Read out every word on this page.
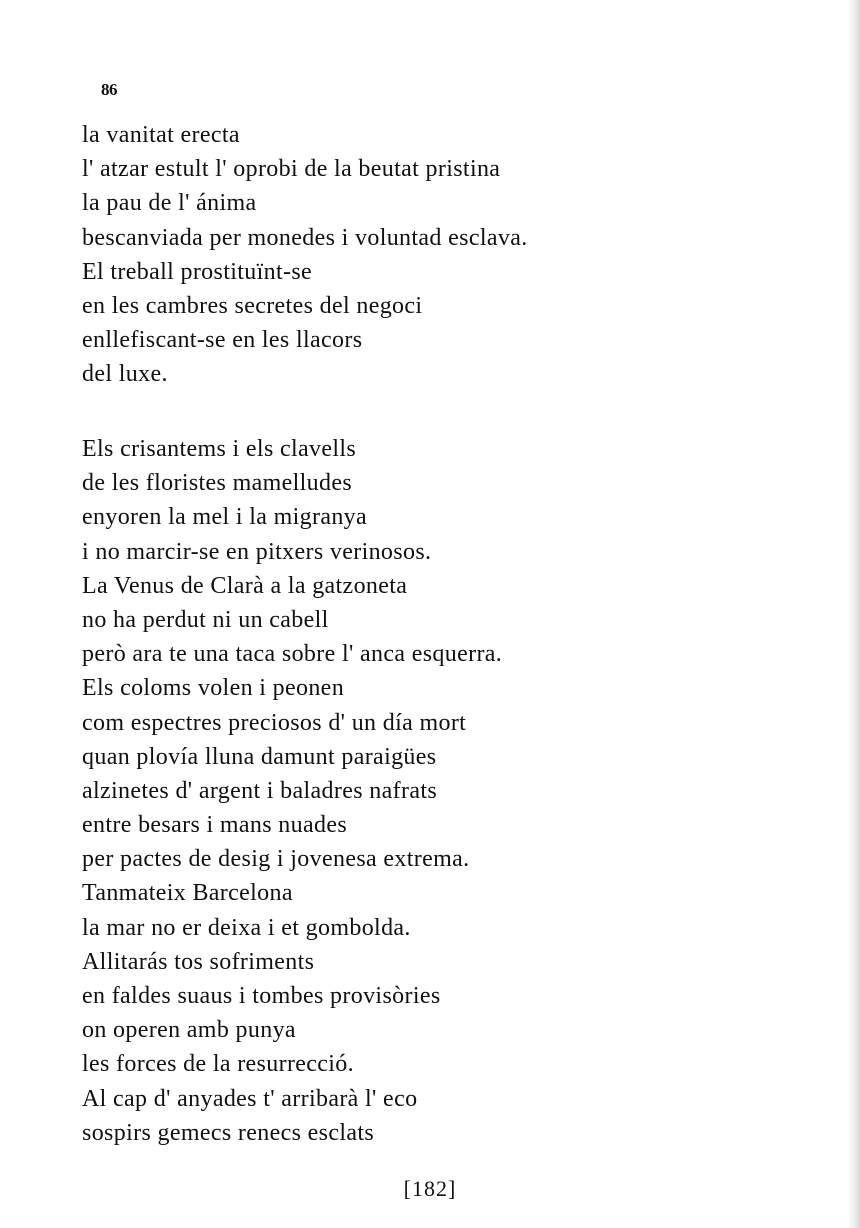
86
la vanitat erecta
l' atzar estult l' oprobi de la beutat pristina
la pau de l' ánima
bescanviada per monedes i voluntad esclava.
El treball prostituïnt-se
en les cambres secretes del negoci
enllefiscant-se en les llacors
del luxe.
Els crisantems i els clavells
de les floristes mamelludes
enyoren la mel i la migranya
i no marcir-se en pitxers verinosos.
La Venus de Clarà a la gatzoneta
no ha perdut ni un cabell
però ara te una taca sobre l' anca esquerra.
Els coloms volen i peonen
com espectres preciosos d' un día mort
quan plovía lluna damunt paraigües
alzinetes d' argent i baladres nafrats
entre besars i mans nuades
per pactes de desig i jovenesa extrema.
Tanmateix Barcelona
la mar no er deixa i et gombolda.
Allitarás tos sofriments
en faldes suaus i tombes provisòries
on operen amb punya
les forces de la resurrecció.
Al cap d' anyades t' arribarà l' eco
sospirs gemecs renecs esclats
[182]
